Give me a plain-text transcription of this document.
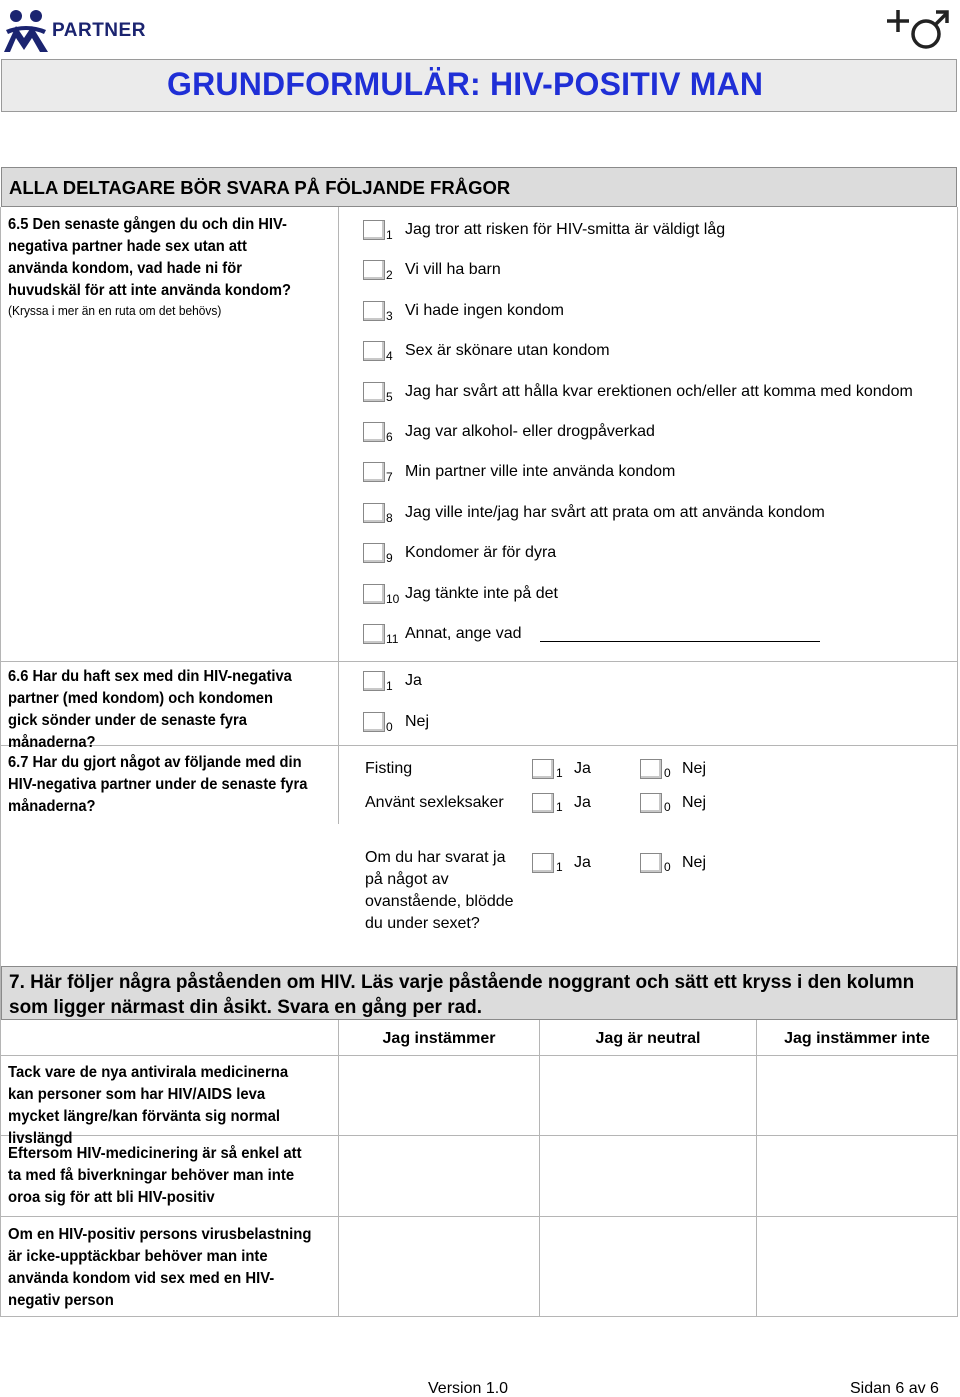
PARTNER
GRUNDFORMULÄR: HIV-POSITIV MAN
ALLA DELTAGARE BÖR SVARA PÅ FÖLJANDE FRÅGOR
6.5 Den senaste gången du och din HIV-negativa partner hade sex utan att använda kondom, vad hade ni för huvudskäl för att inte använda kondom?
(Kryssa i mer än en ruta om det behövs)
1 Jag tror att risken för HIV-smitta är väldigt låg
2 Vi vill ha barn
3 Vi hade ingen kondom
4 Sex är skönare utan kondom
5 Jag har svårt att hålla kvar erektionen och/eller att komma med kondom
6 Jag var alkohol- eller drogpåverkad
7 Min partner ville inte använda kondom
8 Jag ville inte/jag har svårt att prata om att använda kondom
9 Kondomer är för dyra
10 Jag tänkte inte på det
11 Annat, ange vad
6.6 Har du haft sex med din HIV-negativa partner (med kondom) och kondomen gick sönder under de senaste fyra månaderna?
1 Ja
0 Nej
6.7 Har du gjort något av följande med din HIV-negativa partner under de senaste fyra månaderna?
Fisting	1 Ja	0 Nej
Använt sexleksaker	1 Ja	0 Nej
Om du har svarat ja på något av ovanstående, blödde du under sexet?
1 Ja	0 Nej
7. Här följer några påståenden om HIV. Läs varje påstående noggrant och sätt ett kryss i den kolumn som ligger närmast din åsikt. Svara en gång per rad.
Jag instämmer	Jag är neutral	Jag instämmer inte
Tack vare de nya antivirala medicinerna kan personer som har HIV/AIDS leva mycket längre/kan förvänta sig normal livslängd
Eftersom HIV-medicinering är så enkel att ta med få biverkningar behöver man inte oroa sig för att bli HIV-positiv
Om en HIV-positiv persons virusbelastning är icke-upptäckbar behöver man inte använda kondom vid sex med en HIV-negativ person
Version 1.0	Sidan 6 av 6
